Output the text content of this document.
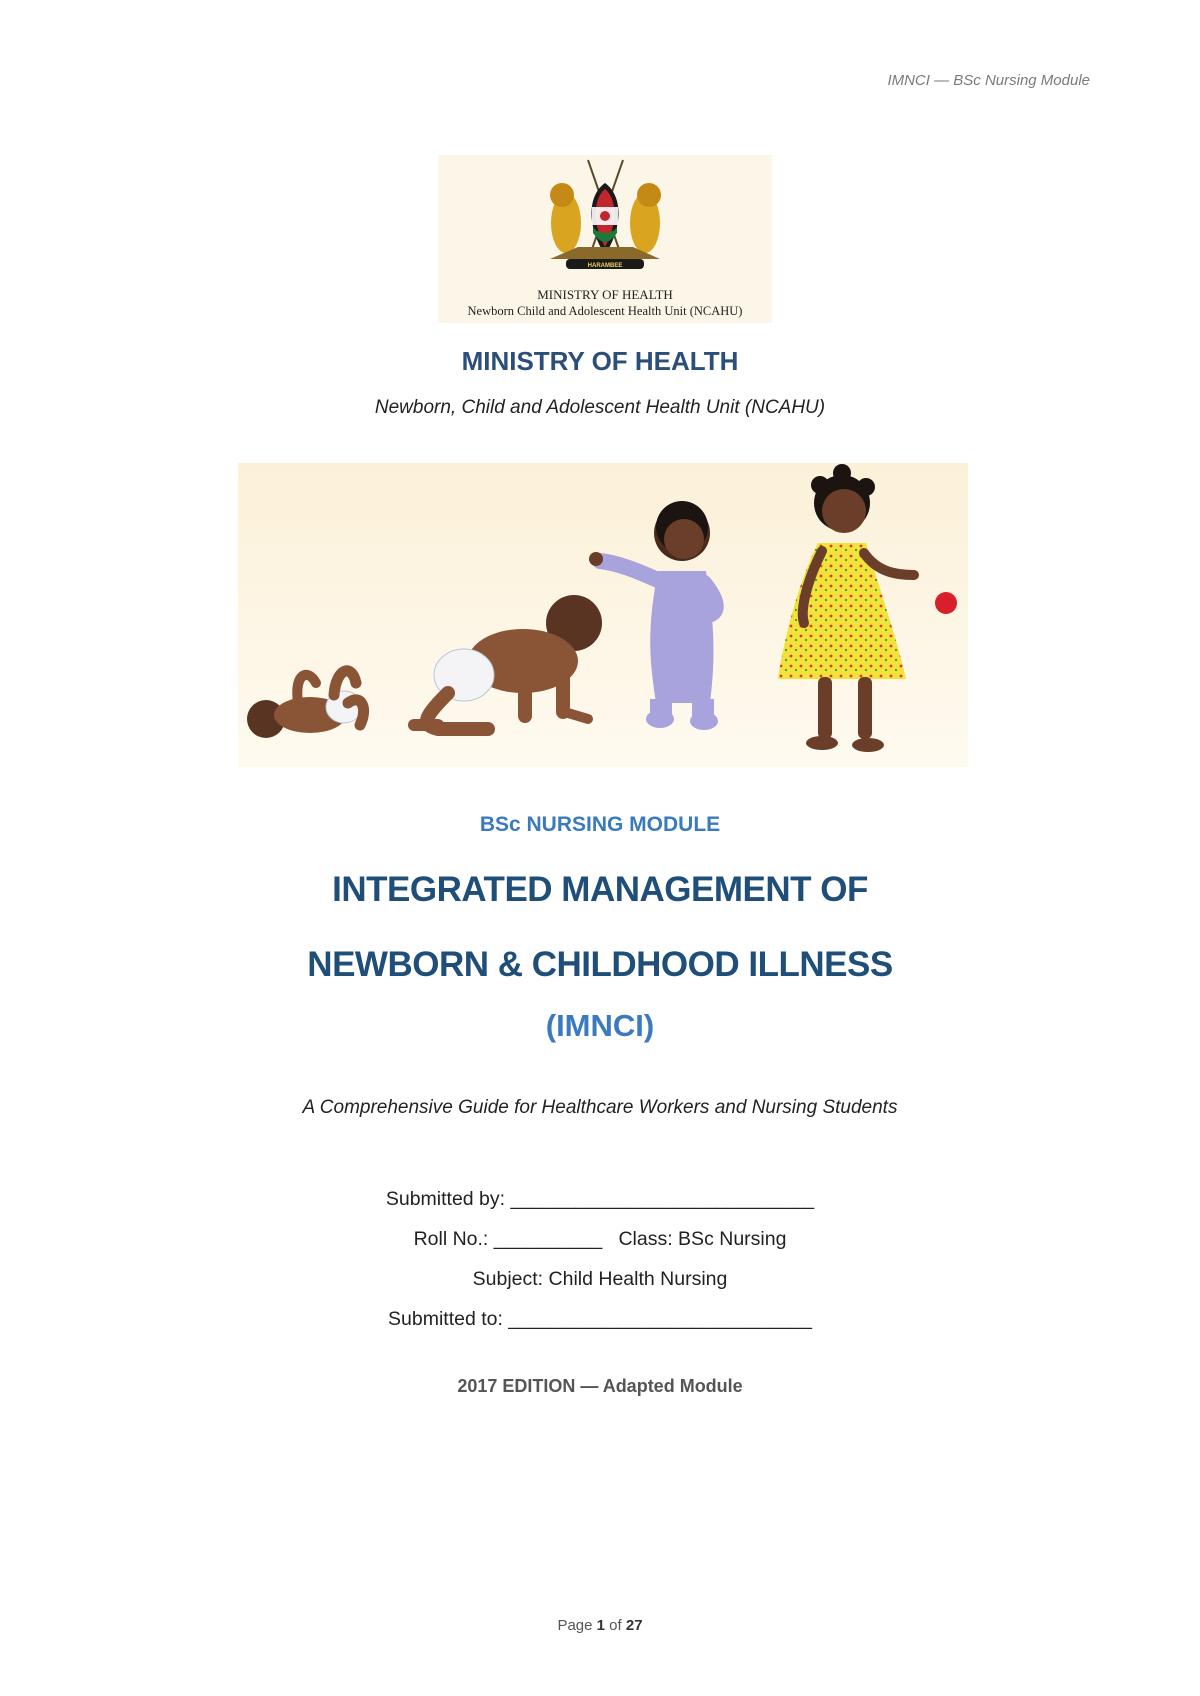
IMNCI — BSc Nursing Module
HARAMBEE
MINISTRY OF HEALTH
Newborn Child and Adolescent Health Unit (NCAHU)
MINISTRY OF HEALTH
Newborn, Child and Adolescent Health Unit (NCAHU)
BSc NURSING MODULE
INTEGRATED MANAGEMENT OF
NEWBORN & CHILDHOOD ILLNESS
(IMNCI)
A Comprehensive Guide for Healthcare Workers and Nursing Students
Submitted by: ____________________________
Roll No.: __________   Class: BSc Nursing
Subject: Child Health Nursing
Submitted to: ____________________________
2017 EDITION — Adapted Module
Page 1 of 27
